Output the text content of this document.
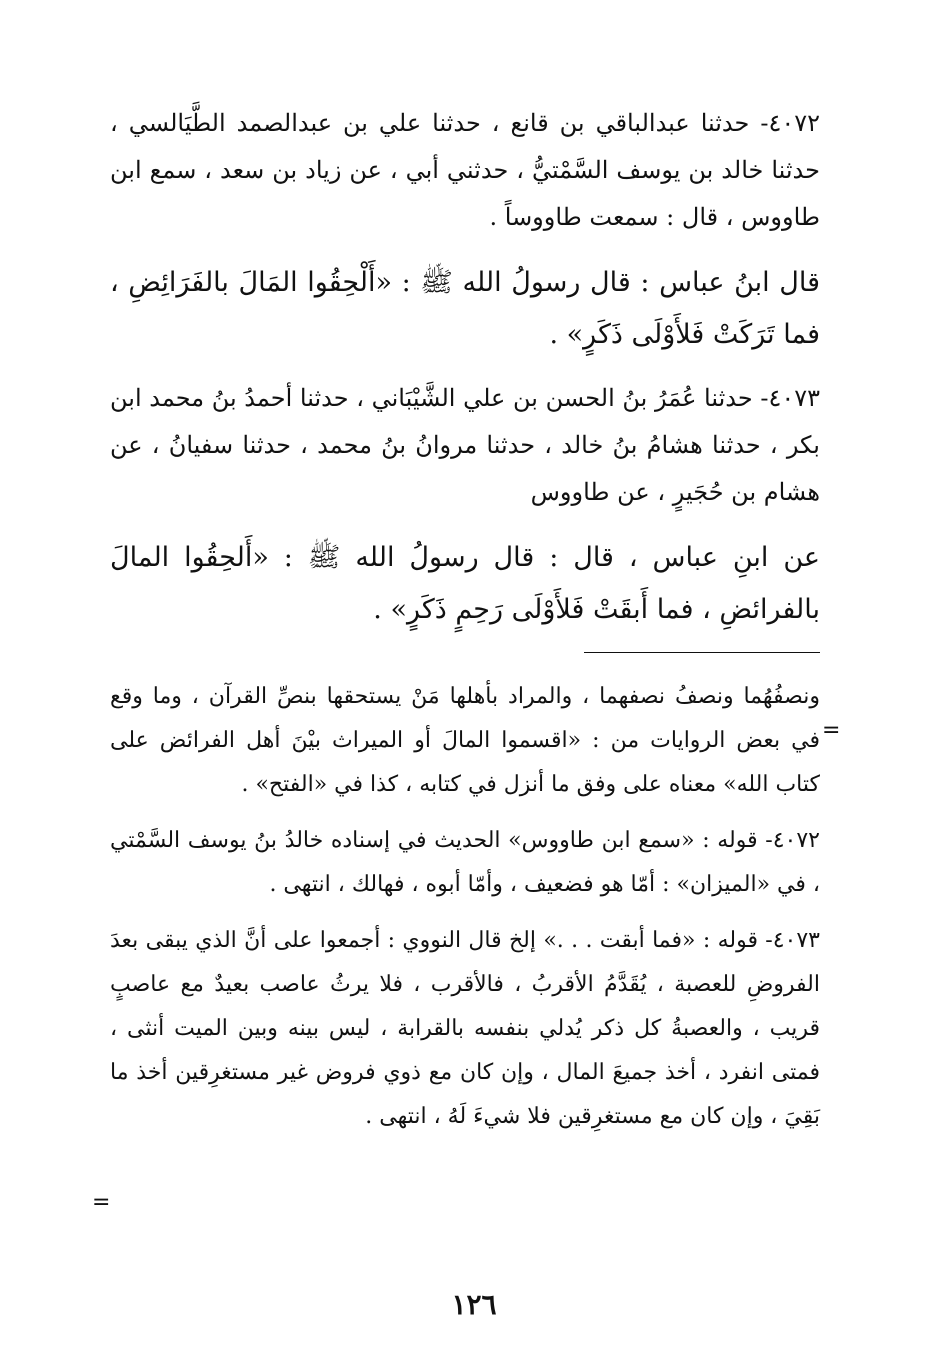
=

٤٠٧٢- حدثنا عبدالباقي بن قانع ، حدثنا علي بن عبدالصمد الطَّيَالسي ، حدثنا خالد بن يوسف السَّمْتيُّ ، حدثني أبي ، عن زياد بن سعد ، سمع ابن طاووس ، قال : سمعت طاووساً .

قال ابنُ عباس : قال رسولُ الله ﷺ : «أَلْحِقُوا المَالَ بالفَرَائِضِ ، فما تَرَكَتْ فَلأَوْلَى ذَكَرٍ» .

٤٠٧٣- حدثنا عُمَرُ بنُ الحسن بن علي الشَّيْبَاني ، حدثنا أحمدُ بنُ محمد ابن بكر ، حدثنا هشامُ بنُ خالد ، حدثنا مروانُ بنُ محمد ، حدثنا سفيانُ ، عن هشام بن حُجَيرٍ ، عن طاووس

عن ابنِ عباس ، قال : قال رسولُ الله ﷺ : «أَلحِقُوا المالَ بالفرائضِ ، فما أَبقَتْ فَلأَوْلَى رَحِمٍ ذَكَرٍ» .

ونصفُهُما ونصفُ نصفهما ، والمراد بأهلها مَنْ يستحقها بنصِّ القرآن ، وما وقع في بعض الروايات من : «اقسموا المالَ أو الميراث بيْنَ أهل الفرائض على كتاب الله» معناه على وفق ما أنزل في كتابه ، كذا في «الفتح» .

٤٠٧٢- قوله : «سمع ابن طاووس» الحديث في إسناده خالدُ بنُ يوسف السَّمْتي ، في «الميزان» : أمّا هو فضعيف ، وأمّا أبوه ، فهالك ، انتهى .

٤٠٧٣- قوله : «فما أبقت . . .» إلخ قال النووي : أجمعوا على أنَّ الذي يبقى بعدَ الفروضِ للعصبة ، يُقَدَّمُ الأقربُ ، فالأقرب ، فلا يرثُ عاصب بعيدٌ مع عاصبٍ قريب ، والعصبةُ كل ذكر يُدلي بنفسه بالقرابة ، ليس بينه وبين الميت أنثى ، فمتى انفرد ، أخذ جميعَ المال ، وإن كان مع ذوي فروض غير مستغرِقين أخذ ما بَقِيَ ، وإن كان مع مستغرِقين فلا شيءَ لَهُ ، انتهى .

=
١٢٦
